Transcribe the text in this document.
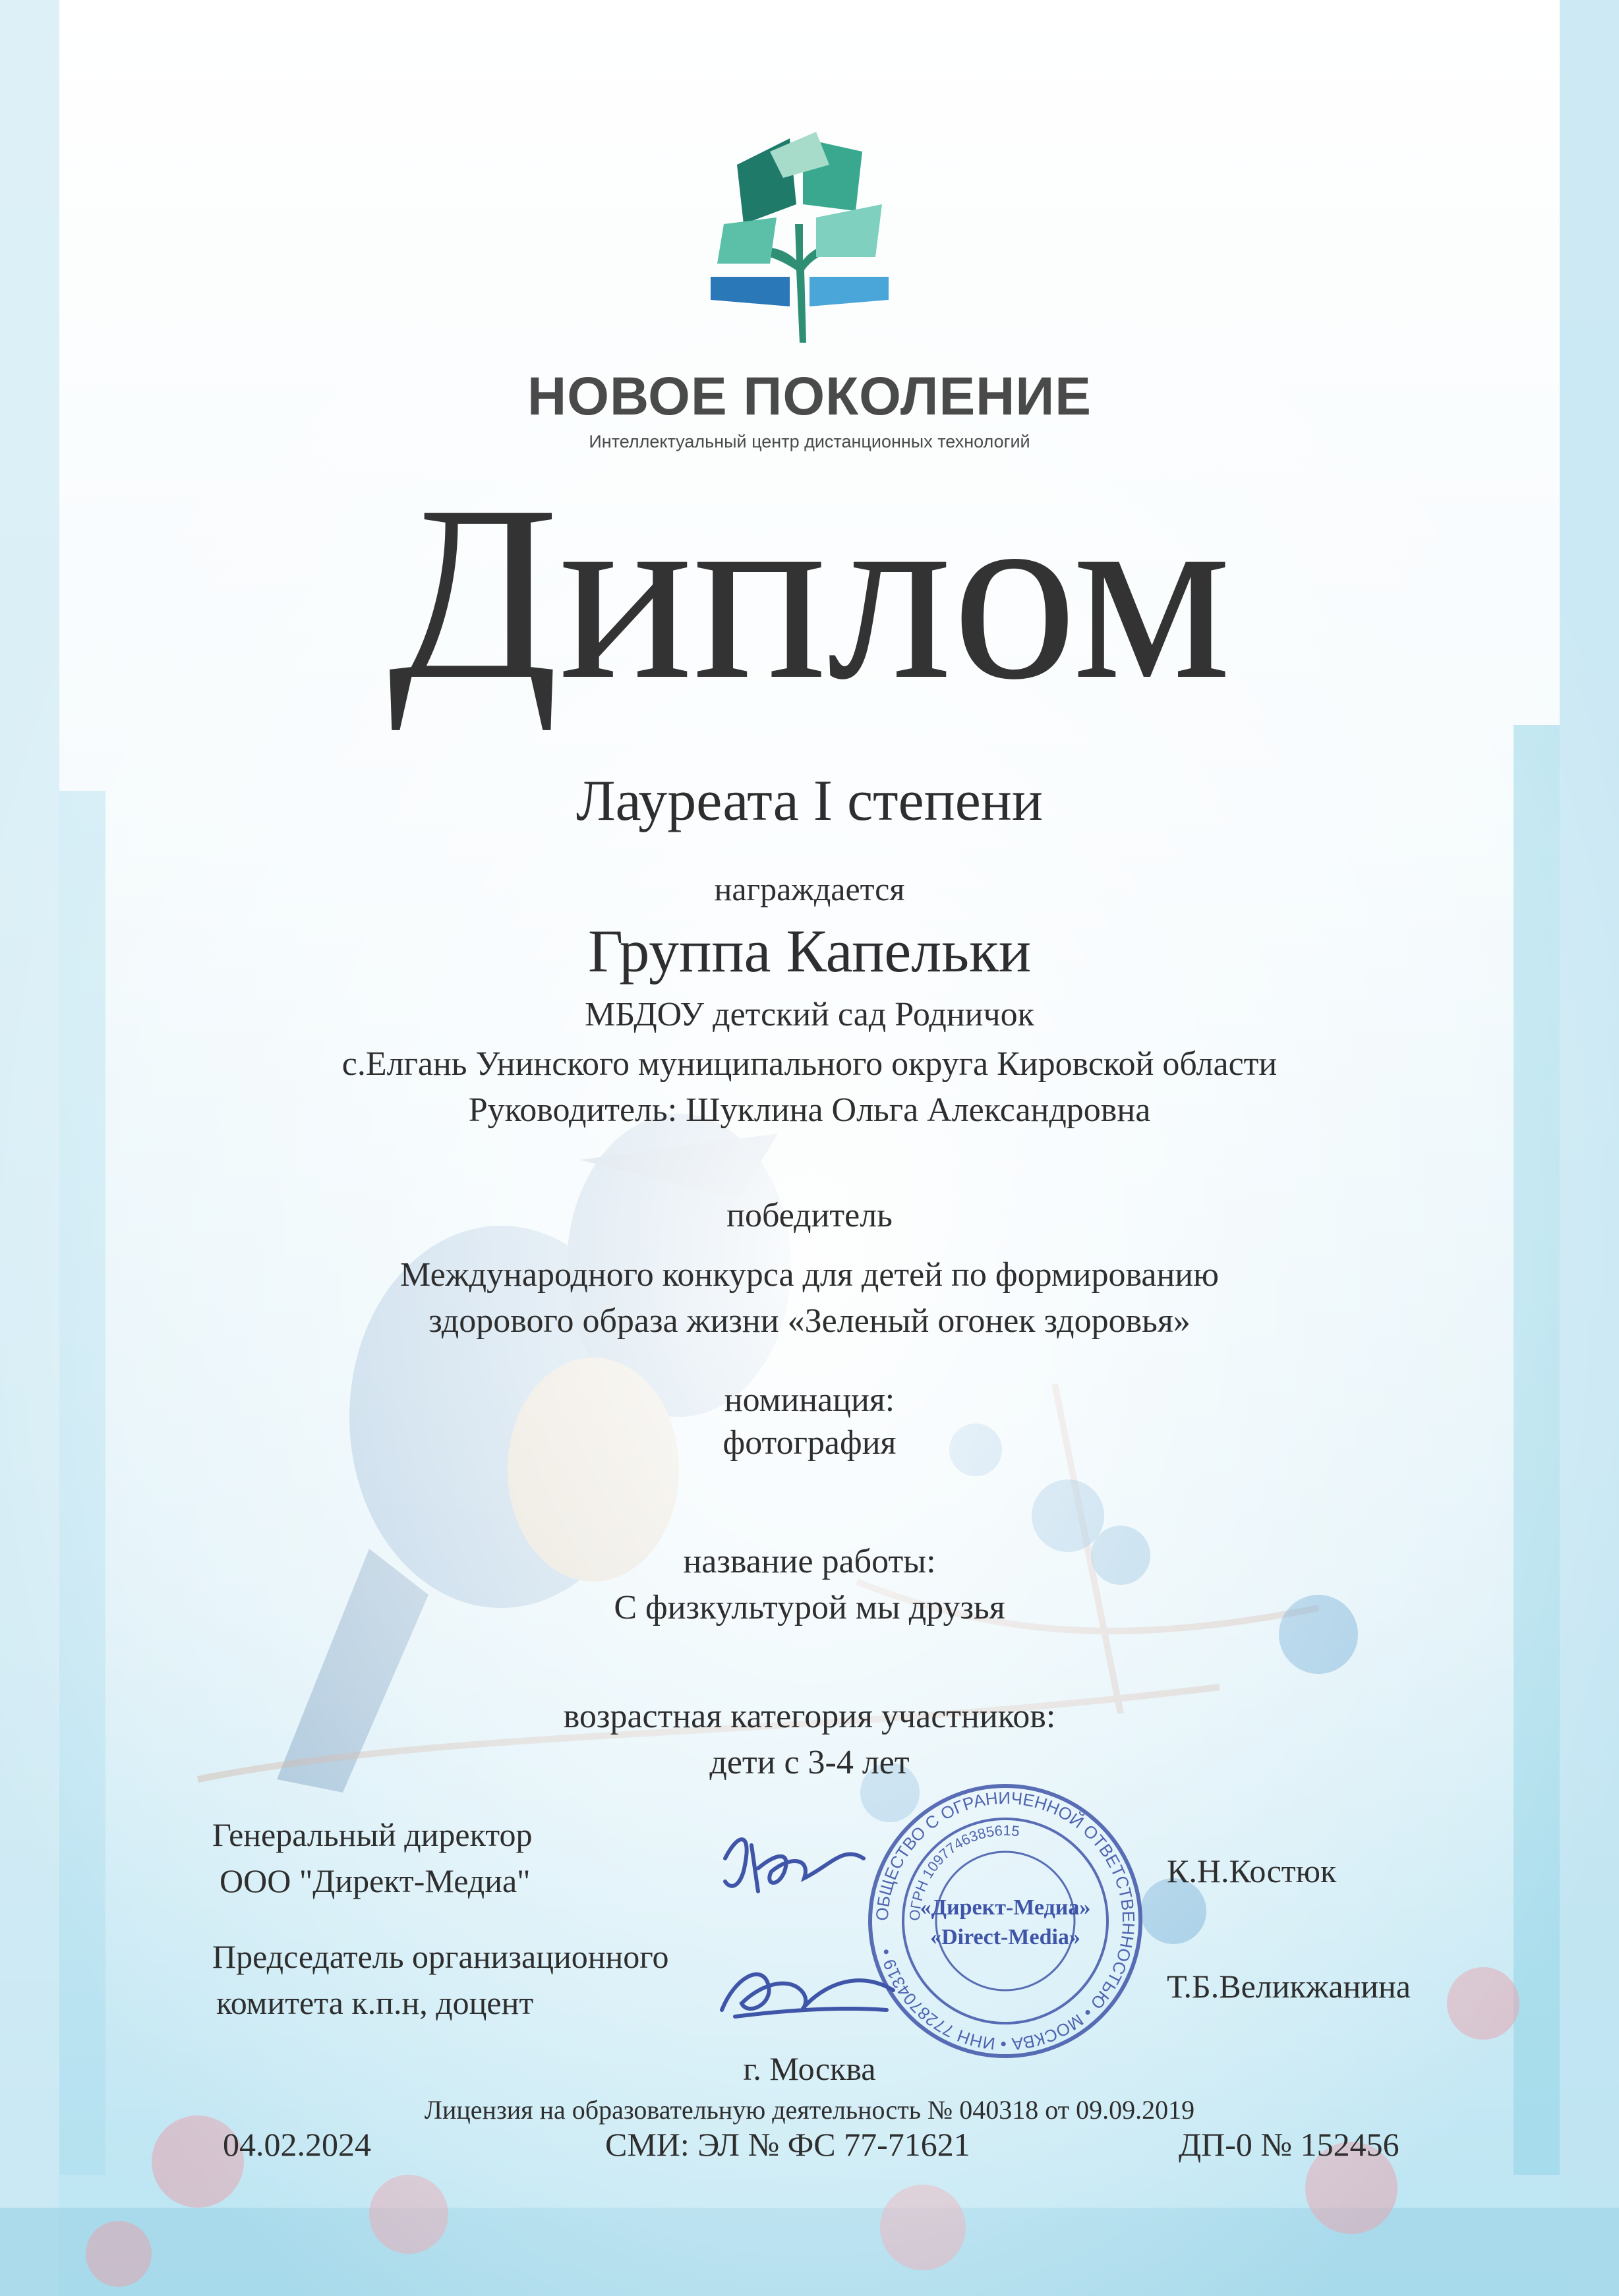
НОВОЕ ПОКОЛЕНИЕ
Интеллектуальный центр дистанционных технологий
Диплом
Лауреата I степени
награждается
Группа Капельки
МБДОУ детский сад Родничок
с.Елгань Унинского муниципального округа Кировской области
Руководитель: Шуклина Ольга Александровна
победитель
Международного конкурса для детей по формированию
здорового образа жизни «Зеленый огонек здоровья»
номинация:
фотография
название работы:
С физкультурой мы друзья
возрастная категория участников:
дети с 3-4 лет
Генеральный директор
ООО "Директ-Медиа"	К.Н.Костюк
Председатель организационного
комитета к.п.н, доцент	Т.Б.Великжанина
ОБЩЕСТВО С ОГРАНИЧЕННОЙ ОТВЕТСТВЕННОСТЬЮ • МОСКВА • ИНН 7728704319 •
ОГРН 1097746385615
«Директ-Медиа»
«Direct-Media»
г. Москва
Лицензия на образовательную деятельность № 040318 от 09.09.2019
04.02.2024	СМИ: ЭЛ № ФС 77-71621	ДП-0 № 152456
